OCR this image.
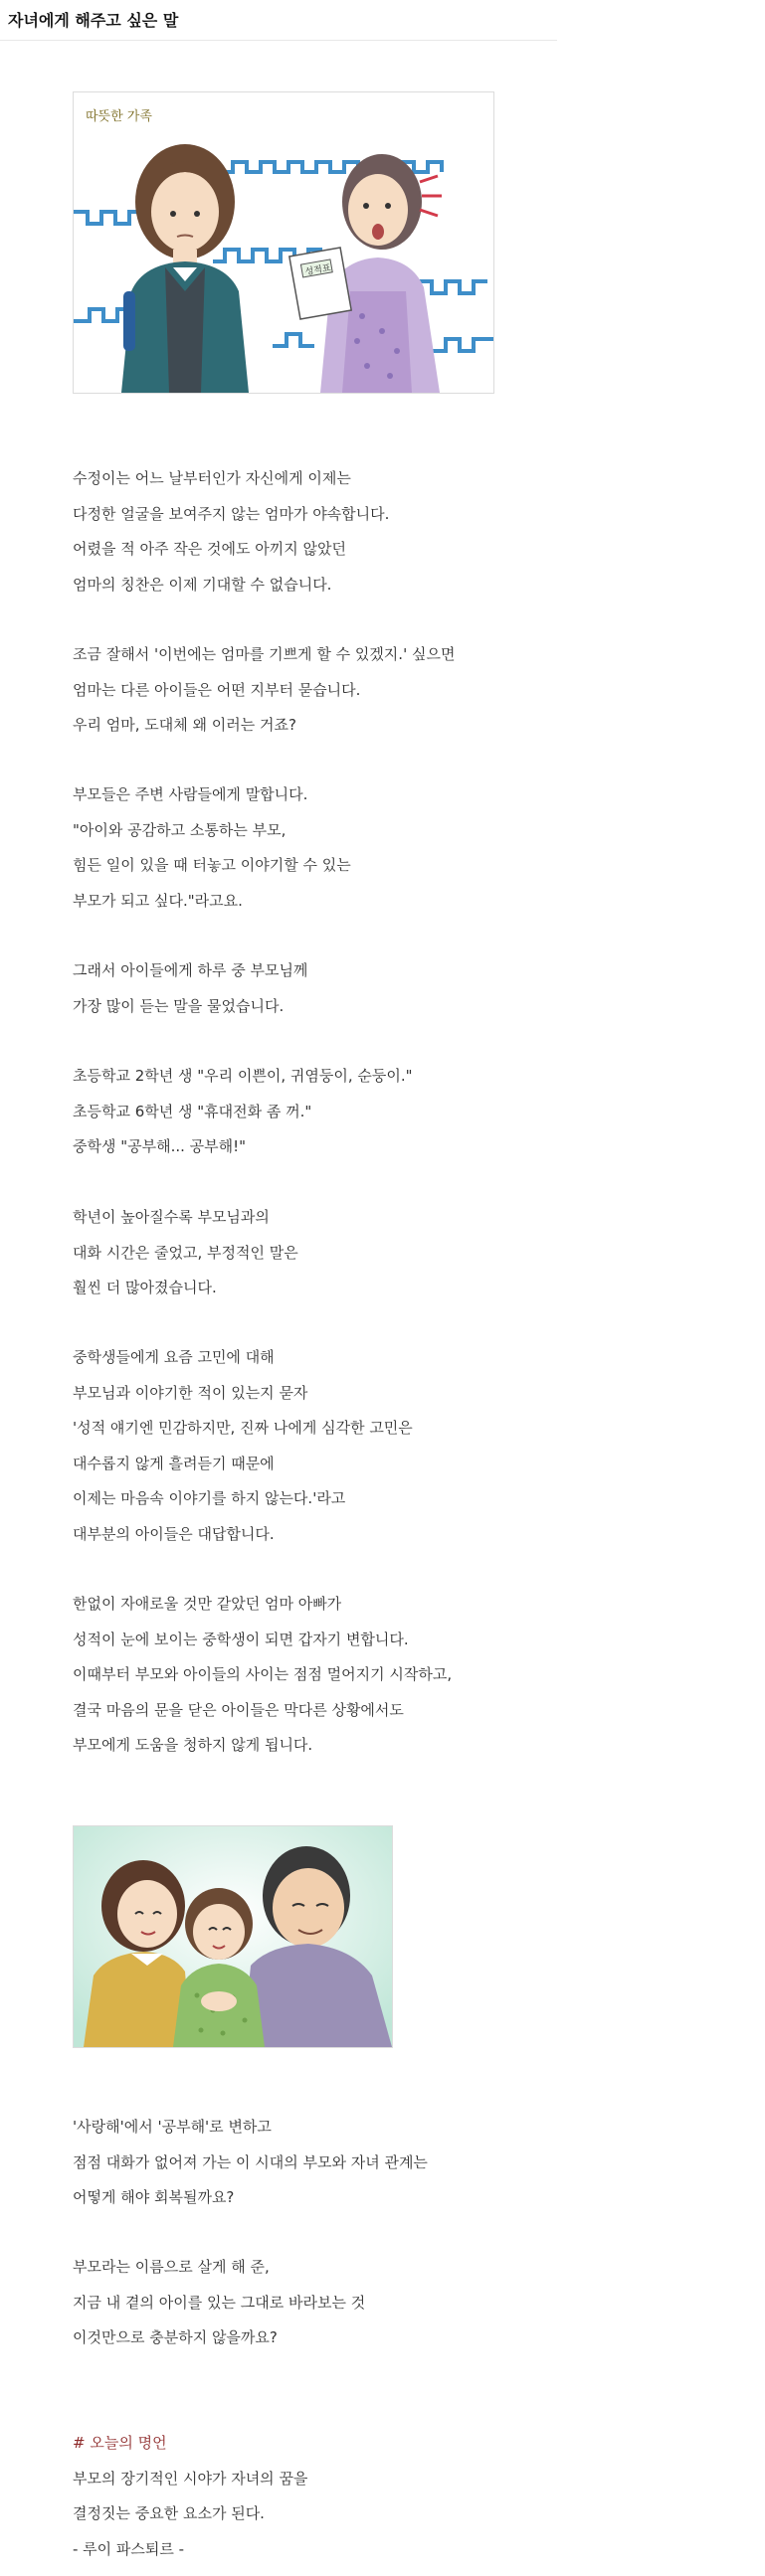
자녀에게 해주고 싶은 말
따뜻한 가족
성적표

수정이는 어느 날부터인가 자신에게 이제는

다정한 얼굴을 보여주지 않는 엄마가 야속합니다.

어렸을 적 아주 작은 것에도 아끼지 않았던

엄마의 칭찬은 이제 기대할 수 없습니다.

조금 잘해서 '이번에는 엄마를 기쁘게 할 수 있겠지.' 싶으면

엄마는 다른 아이들은 어떤 지부터 묻습니다.

우리 엄마, 도대체 왜 이러는 거죠?

부모들은 주변 사람들에게 말합니다.

"아이와 공감하고 소통하는 부모,

힘든 일이 있을 때 터놓고 이야기할 수 있는

부모가 되고 싶다."라고요.

그래서 아이들에게 하루 중 부모님께

가장 많이 듣는 말을 물었습니다.

초등학교 2학년 생 "우리 이쁜이, 귀염둥이, 순둥이."

초등학교 6학년 생 "휴대전화 좀 꺼."

중학생 "공부해... 공부해!"

학년이 높아질수록 부모님과의

대화 시간은 줄었고, 부정적인 말은

훨씬 더 많아졌습니다.

중학생들에게 요즘 고민에 대해

부모님과 이야기한 적이 있는지 묻자

'성적 얘기엔 민감하지만, 진짜 나에게 심각한 고민은

대수롭지 않게 흘려듣기 때문에

이제는 마음속 이야기를 하지 않는다.'라고

대부분의 아이들은 대답합니다.

한없이 자애로울 것만 같았던 엄마 아빠가

성적이 눈에 보이는 중학생이 되면 갑자기 변합니다.

이때부터 부모와 아이들의 사이는 점점 멀어지기 시작하고,

결국 마음의 문을 닫은 아이들은 막다른 상황에서도

부모에게 도움을 청하지 않게 됩니다.

'사랑해'에서 '공부해'로 변하고

점점 대화가 없어져 가는 이 시대의 부모와 자녀 관계는

어떻게 해야 회복될까요?

부모라는 이름으로 살게 해 준,

지금 내 곁의 아이를 있는 그대로 바라보는 것

이것만으로 충분하지 않을까요?

# 오늘의 명언

부모의 장기적인 시야가 자녀의 꿈을

결정짓는 중요한 요소가 된다.

- 루이 파스퇴르 -
